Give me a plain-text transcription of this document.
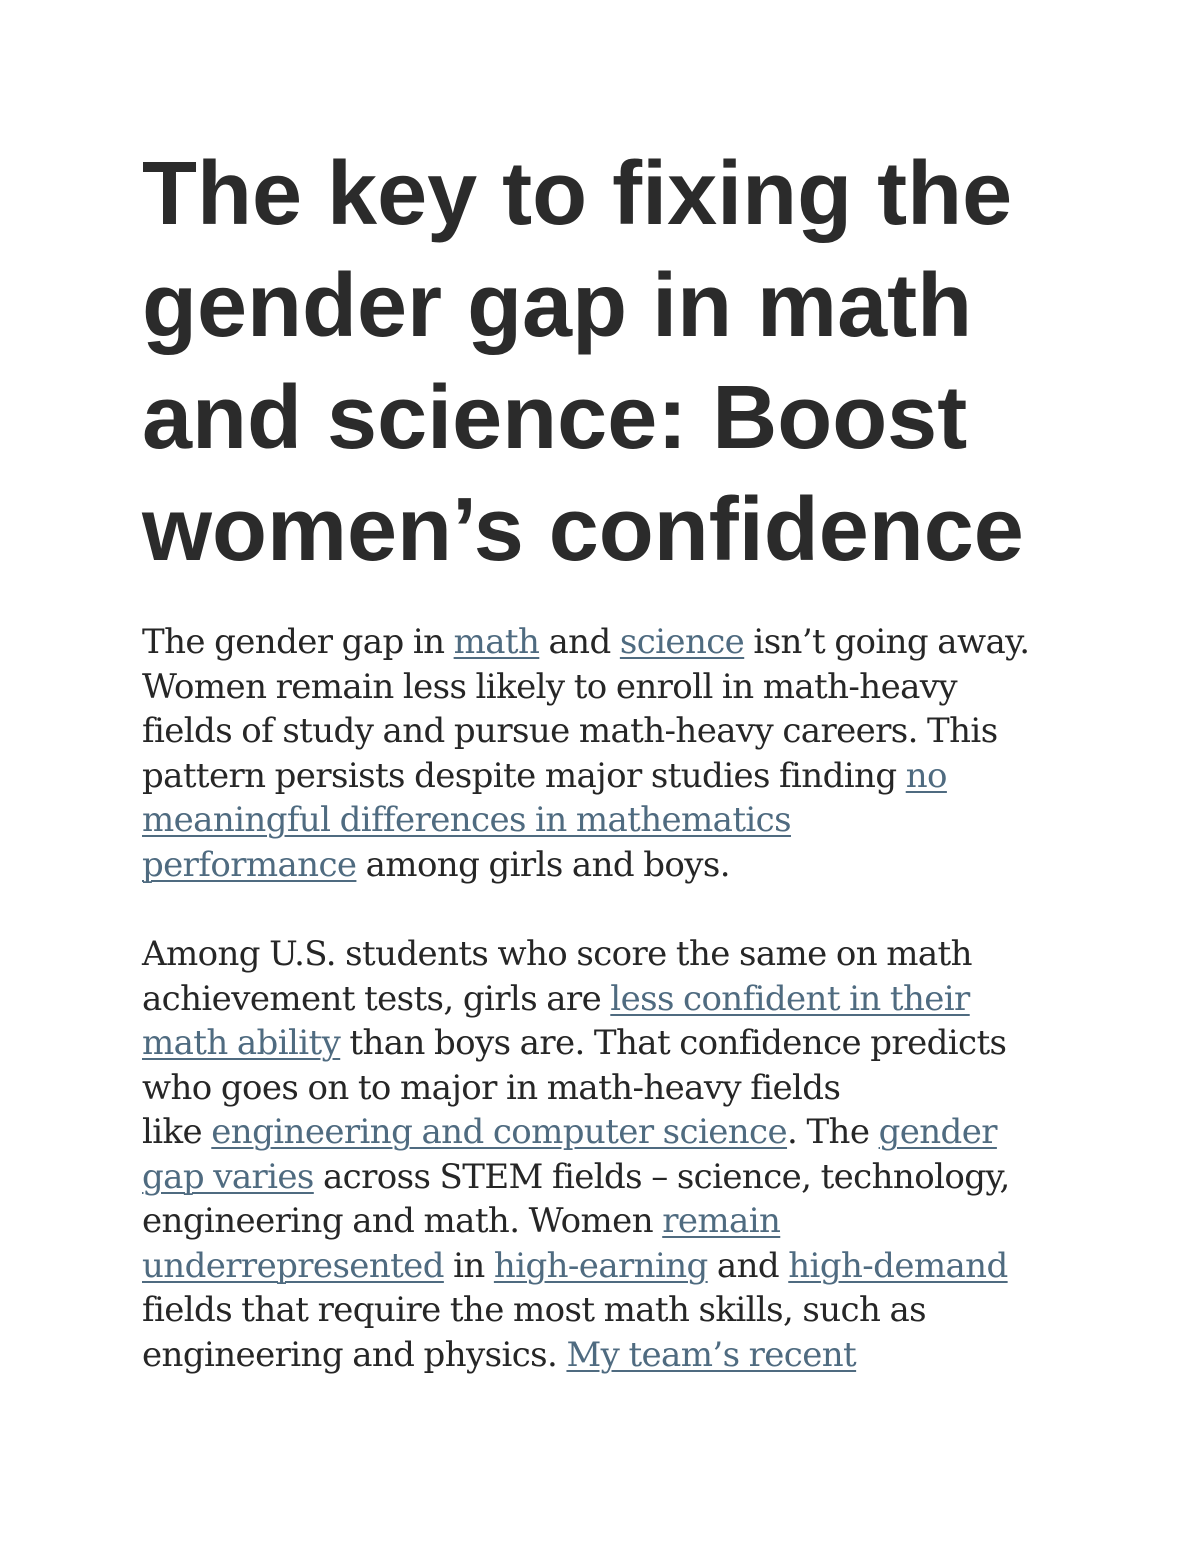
The key to fixing the
gender gap in math
and science: Boost
women’s confidence
The gender gap in math and science isn’t going away.
Women remain less likely to enroll in math-heavy
fields of study and pursue math-heavy careers. This
pattern persists despite major studies finding no
meaningful differences in mathematics
performance among girls and boys.
Among U.S. students who score the same on math
achievement tests, girls are less confident in their
math ability than boys are. That confidence predicts
who goes on to major in math-heavy fields
like engineering and computer science. The gender
gap varies across STEM fields – science, technology,
engineering and math. Women remain
underrepresented in high-earning and high-demand
fields that require the most math skills, such as
engineering and physics. My team’s recent
